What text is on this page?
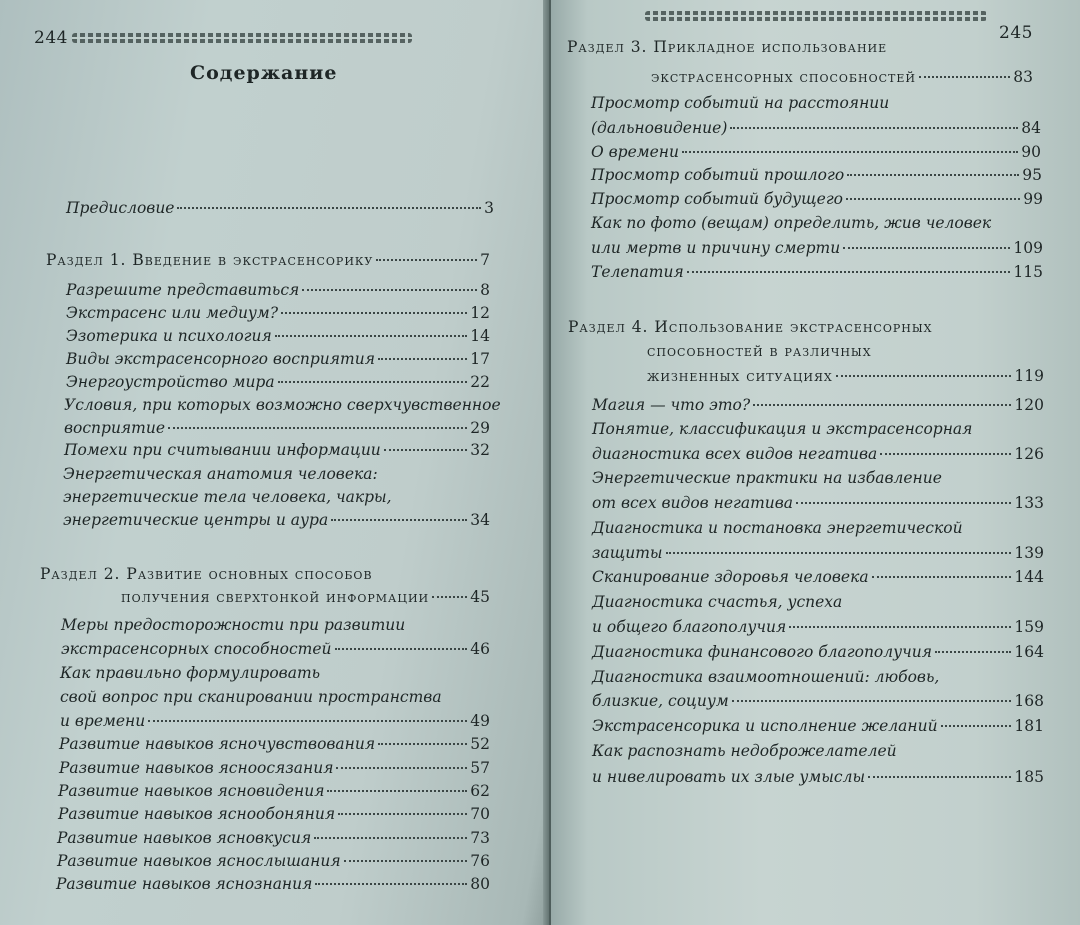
244
Содержание
Предисловие	3
Раздел 1. Введение в экстрасенсорику	7
Разрешите представиться	8
Экстрасенс или медиум?	12
Эзотерика и психология	14
Виды экстрасенсорного восприятия	17
Энергоустройство мира	22
Условия, при которых возможно сверхчувственное
восприятие	29
Помехи при считывании информации	32
Энергетическая анатомия человека:
энергетические тела человека, чакры,
энергетические центры и аура	34
Раздел 2. Развитие основных способов
получения сверхтонкой информации	45
Меры предосторожности при развитии
экстрасенсорных способностей	46
Как правильно формулировать
свой вопрос при сканировании пространства
и времени	49
Развитие навыков ясночувствования	52
Развитие навыков ясноосязания	57
Развитие навыков ясновидения	62
Развитие навыков яснообоняния	70
Развитие навыков ясновкусия	73
Развитие навыков яснослышания	76
Развитие навыков яснознания	80
245
Раздел 3. Прикладное использование
экстрасенсорных способностей	83
Просмотр событий на расстоянии
(дальновидение)	84
О времени	90
Просмотр событий прошлого	95
Просмотр событий будущего	99
Как по фото (вещам) определить, жив человек
или мертв и причину смерти	109
Телепатия	115
Раздел 4. Использование экстрасенсорных
способностей в различных
жизненных ситуациях	119
Магия — что это?	120
Понятие, классификация и экстрасенсорная
диагностика всех видов негатива	126
Энергетические практики на избавление
от всех видов негатива	133
Диагностика и постановка энергетической
защиты	139
Сканирование здоровья человека	144
Диагностика счастья, успеха
и общего благополучия	159
Диагностика финансового благополучия	164
Диагностика взаимоотношений: любовь,
близкие, социум	168
Экстрасенсорика и исполнение желаний	181
Как распознать недоброжелателей
и нивелировать их злые умыслы	185
